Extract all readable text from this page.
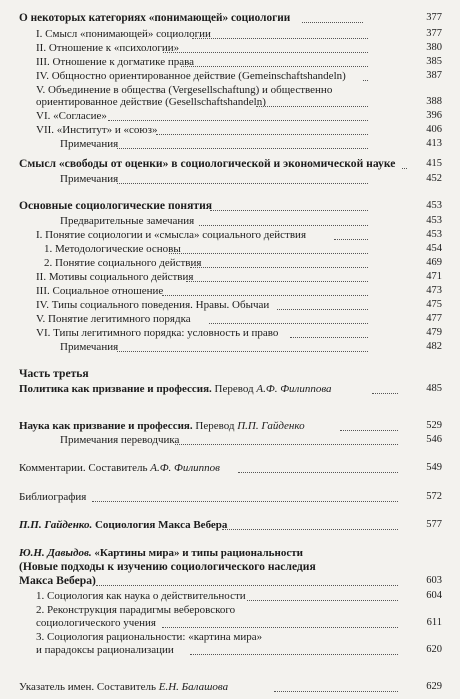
О некоторых категориях «понимающей» социологии	377
I. Смысл «понимающей» социологии	377
II. Отношение к «психологии»	380
III. Отношение к догматике права	385
IV. Общностно ориентированное действие (Gemeinschaftshandeln)	387
V. Объединение в общества (Vergesellschaftung) и общественно
ориентированное действие (Gesellschaftshandeln)	388
VI. «Согласие»	396
VII. «Институт» и «союз»	406
Примечания	413
Смысл «свободы от оценки» в социологической и экономической науке	415
Примечания	452
Основные социологические понятия	453
Предварительные замечания	453
I. Понятие социологии и «смысла» социального действия	453
1. Методологические основы	454
2. Понятие социального действия	469
II. Мотивы социального действия	471
III. Социальное отношение	473
IV. Типы социального поведения. Нравы. Обычаи	475
V. Понятие легитимного порядка	477
VI. Типы легитимного порядка: условность и право	479
Примечания	482
Часть третья
Политика как призвание и профессия. Перевод А.Ф. Филиппова	485
Наука как призвание и профессия. Перевод П.П. Гайденко	529
Примечания переводчика	546
Комментарии. Составитель А.Ф. Филиппов	549
Библиография	572
П.П. Гайденко. Социология Макса Вебера	577
Ю.Н. Давыдов. «Картины мира» и типы рациональности
(Новые подходы к изучению социологического наследия
Макса Вебера)	603
1. Социология как наука о действительности	604
2. Реконструкция парадигмы веберовского
социологического учения	611
3. Социология рациональности: «картина мира»
и парадоксы рационализации	620
Указатель имен. Составитель Е.Н. Балашова	629
